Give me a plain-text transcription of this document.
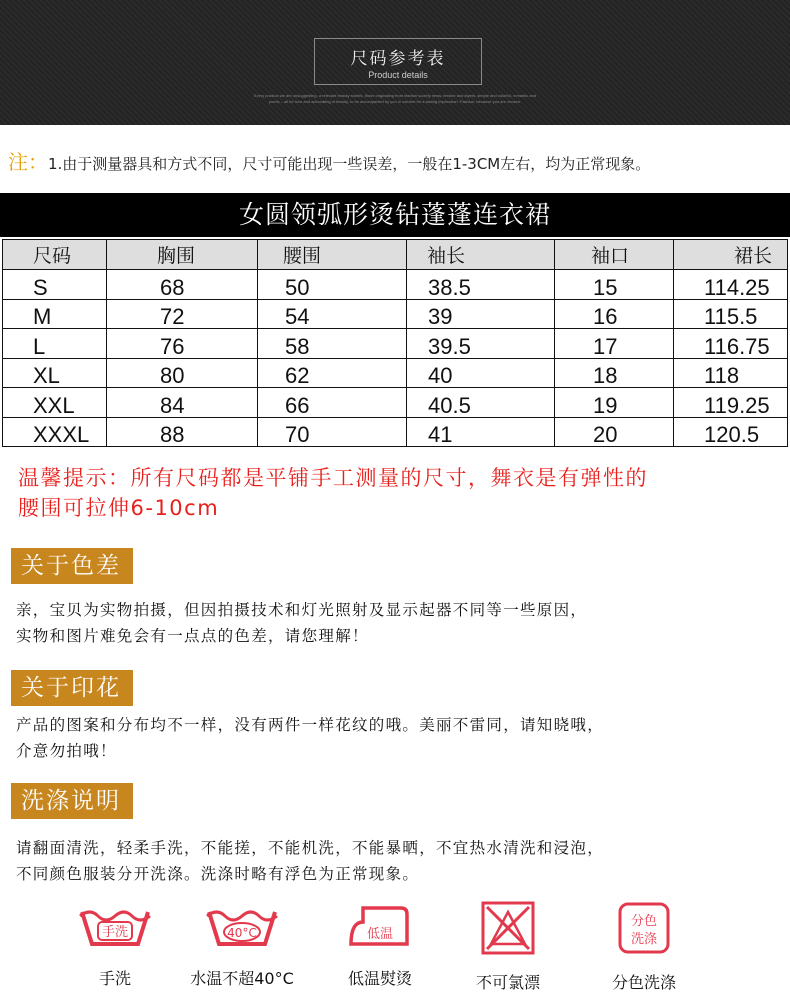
尺码参考表
Product details
Every product we are unsuggesting, a relevant beauty stories, those originating from fashion society news, texture and layers, simple and colorful, romantic and
poetic – all for love and advocating of beauty, to be accompanied by you in comfort for a lasting impression. Fashion, because you are chosen.
注：1.由于测量器具和方式不同，尺寸可能出现一些误差，一般在1-3CM左右，均为正常现象。
女圆领弧形烫钻蓬蓬连衣裙
尺码	胸围	腰围	袖长	袖口	裙长
S	68	50	38.5	15	114.25
M	72	54	39	16	115.5
L	76	58	39.5	17	116.75
XL	80	62	40	18	118
XXL	84	66	40.5	19	119.25
XXXL	88	70	41	20	120.5
温馨提示：所有尺码都是平铺手工测量的尺寸，舞衣是有弹性的
腰围可拉伸6-10cm
关于色差
亲，宝贝为实物拍摄，但因拍摄技术和灯光照射及显示起器不同等一些原因，
实物和图片难免会有一点点的色差，请您理解！
关于印花
产品的图案和分布均不一样，没有两件一样花纹的哦。美丽不雷同，请知晓哦，
介意勿拍哦！
洗涤说明
请翻面清洗，轻柔手洗，不能搓，不能机洗，不能暴晒，不宜热水清洗和浸泡，
不同颜色服装分开洗涤。洗涤时略有浮色为正常现象。
手洗
手洗
40°C
水温不超40°C
低温
低温熨烫	不可氯漂
分色
洗涤
分色洗涤
